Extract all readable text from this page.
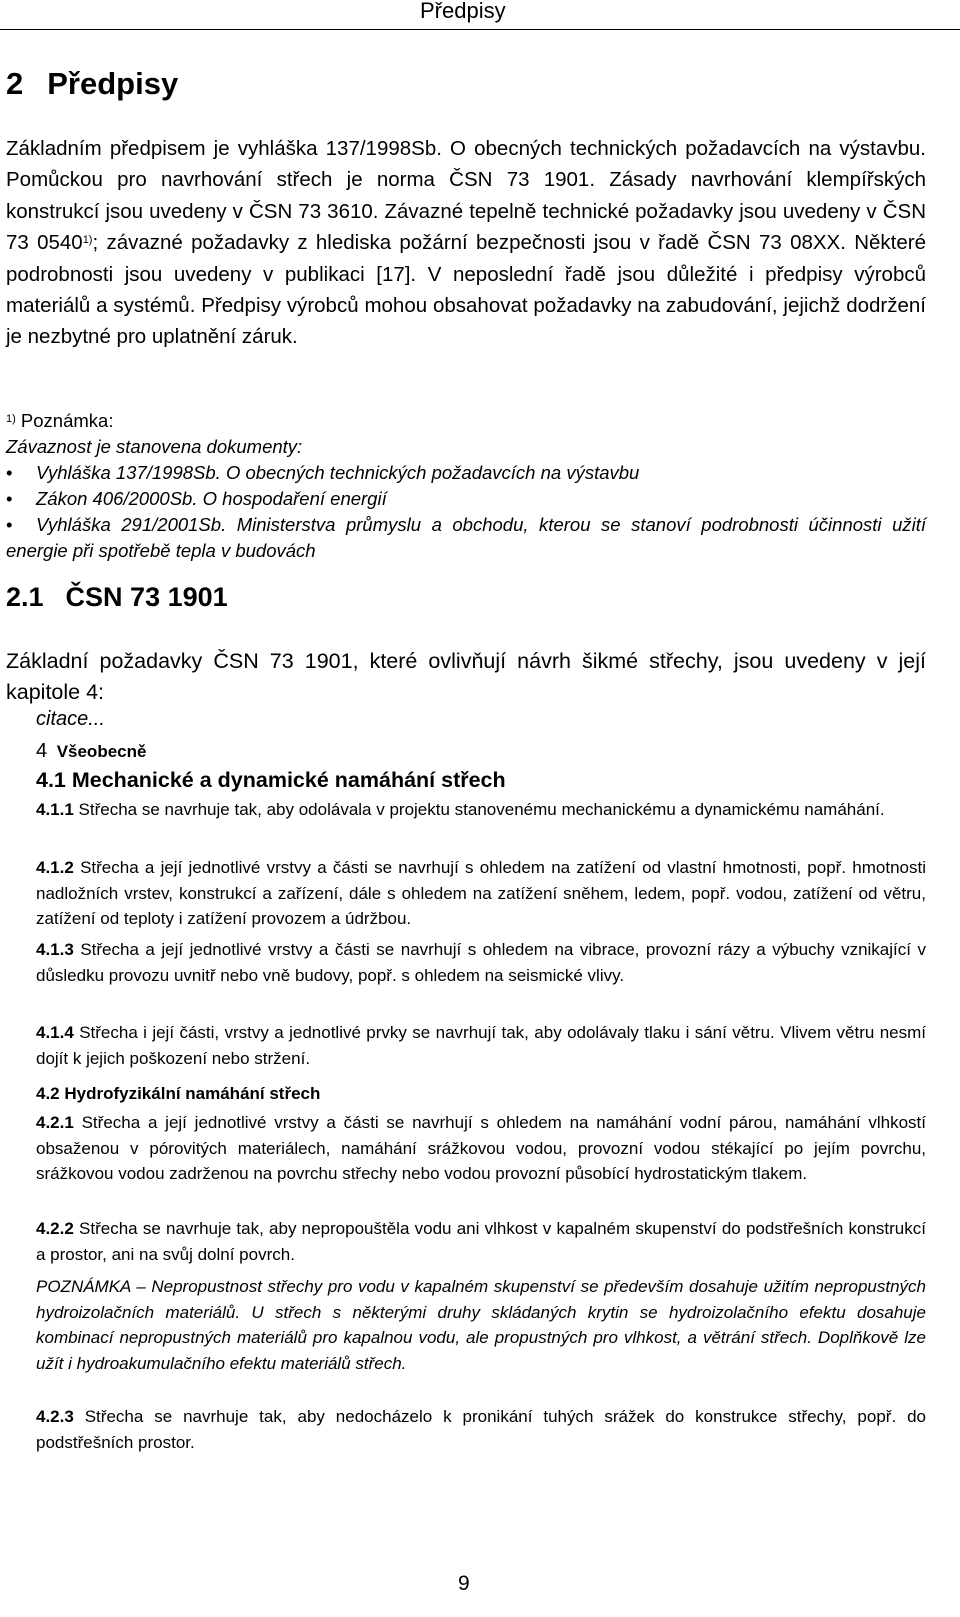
Předpisy
2 Předpisy
Základním předpisem je vyhláška 137/1998Sb. O obecných technických požadavcích na výstavbu. Pomůckou pro navrhování střech je norma ČSN 73 1901. Zásady navrhování klempířských konstrukcí jsou uvedeny v ČSN 73 3610. Závazné tepelně technické požadavky jsou uvedeny v ČSN 73 0540$^{1)}$; závazné požadavky z hlediska požární bezpečnosti jsou v řadě ČSN 73 08XX. Některé podrobnosti jsou uvedeny v publikaci [17]. V neposlední řadě jsou důležité i předpisy výrobců materiálů a systémů. Předpisy výrobců mohou obsahovat požadavky na zabudování, jejichž dodržení je nezbytné pro uplatnění záruk.
$^{1)}$ Poznámka:
Závaznost je stanovena dokumenty:
• Vyhláška 137/1998Sb. O obecných technických požadavcích na výstavbu
• Zákon 406/2000Sb. O hospodaření energií
• Vyhláška 291/2001Sb. Ministerstva průmyslu a obchodu, kterou se stanoví podrobnosti účinnosti užití energie při spotřebě tepla v budovách
2.1 ČSN 73 1901
Základní požadavky ČSN 73 1901, které ovlivňují návrh šikmé střechy, jsou uvedeny v její kapitole 4:
citace...
4 Všeobecně
4.1 Mechanické a dynamické namáhání střech
4.1.1 Střecha se navrhuje tak, aby odolávala v projektu stanovenému mechanickému a dynamickému namáhání.
4.1.2 Střecha a její jednotlivé vrstvy a části se navrhují s ohledem na zatížení od vlastní hmotnosti, popř. hmotnosti nadložních vrstev, konstrukcí a zařízení, dále s ohledem na zatížení sněhem, ledem, popř. vodou, zatížení od větru, zatížení od teploty i zatížení provozem a údržbou.
4.1.3 Střecha a její jednotlivé vrstvy a části se navrhují s ohledem na vibrace, provozní rázy a výbuchy vznikající v důsledku provozu uvnitř nebo vně budovy, popř. s ohledem na seismické vlivy.
4.1.4 Střecha i její části, vrstvy a jednotlivé prvky se navrhují tak, aby odolávaly tlaku i sání větru. Vlivem větru nesmí dojít k jejich poškození nebo stržení.
4.2 Hydrofyzikální namáhání střech
4.2.1 Střecha a její jednotlivé vrstvy a části se navrhují s ohledem na namáhání vodní párou, namáhání vlhkostí obsaženou v pórovitých materiálech, namáhání srážkovou vodou, provozní vodou stékající po jejím povrchu, srážkovou vodou zadrženou na povrchu střechy nebo vodou provozní působící hydrostatickým tlakem.
4.2.2 Střecha se navrhuje tak, aby nepropouštěla vodu ani vlhkost v kapalném skupenství do podstřešních konstrukcí a prostor, ani na svůj dolní povrch.
POZNÁMKA – Nepropustnost střechy pro vodu v kapalném skupenství se především dosahuje užitím nepropustných hydroizolačních materiálů. U střech s některými druhy skládaných krytin se hydroizolačního efektu dosahuje kombinací nepropustných materiálů pro kapalnou vodu, ale propustných pro vlhkost, a větrání střech. Doplňkově lze užít i hydroakumulačního efektu materiálů střech.
4.2.3 Střecha se navrhuje tak, aby nedocházelo k pronikání tuhých srážek do konstrukce střechy, popř. do podstřešních prostor.
9
